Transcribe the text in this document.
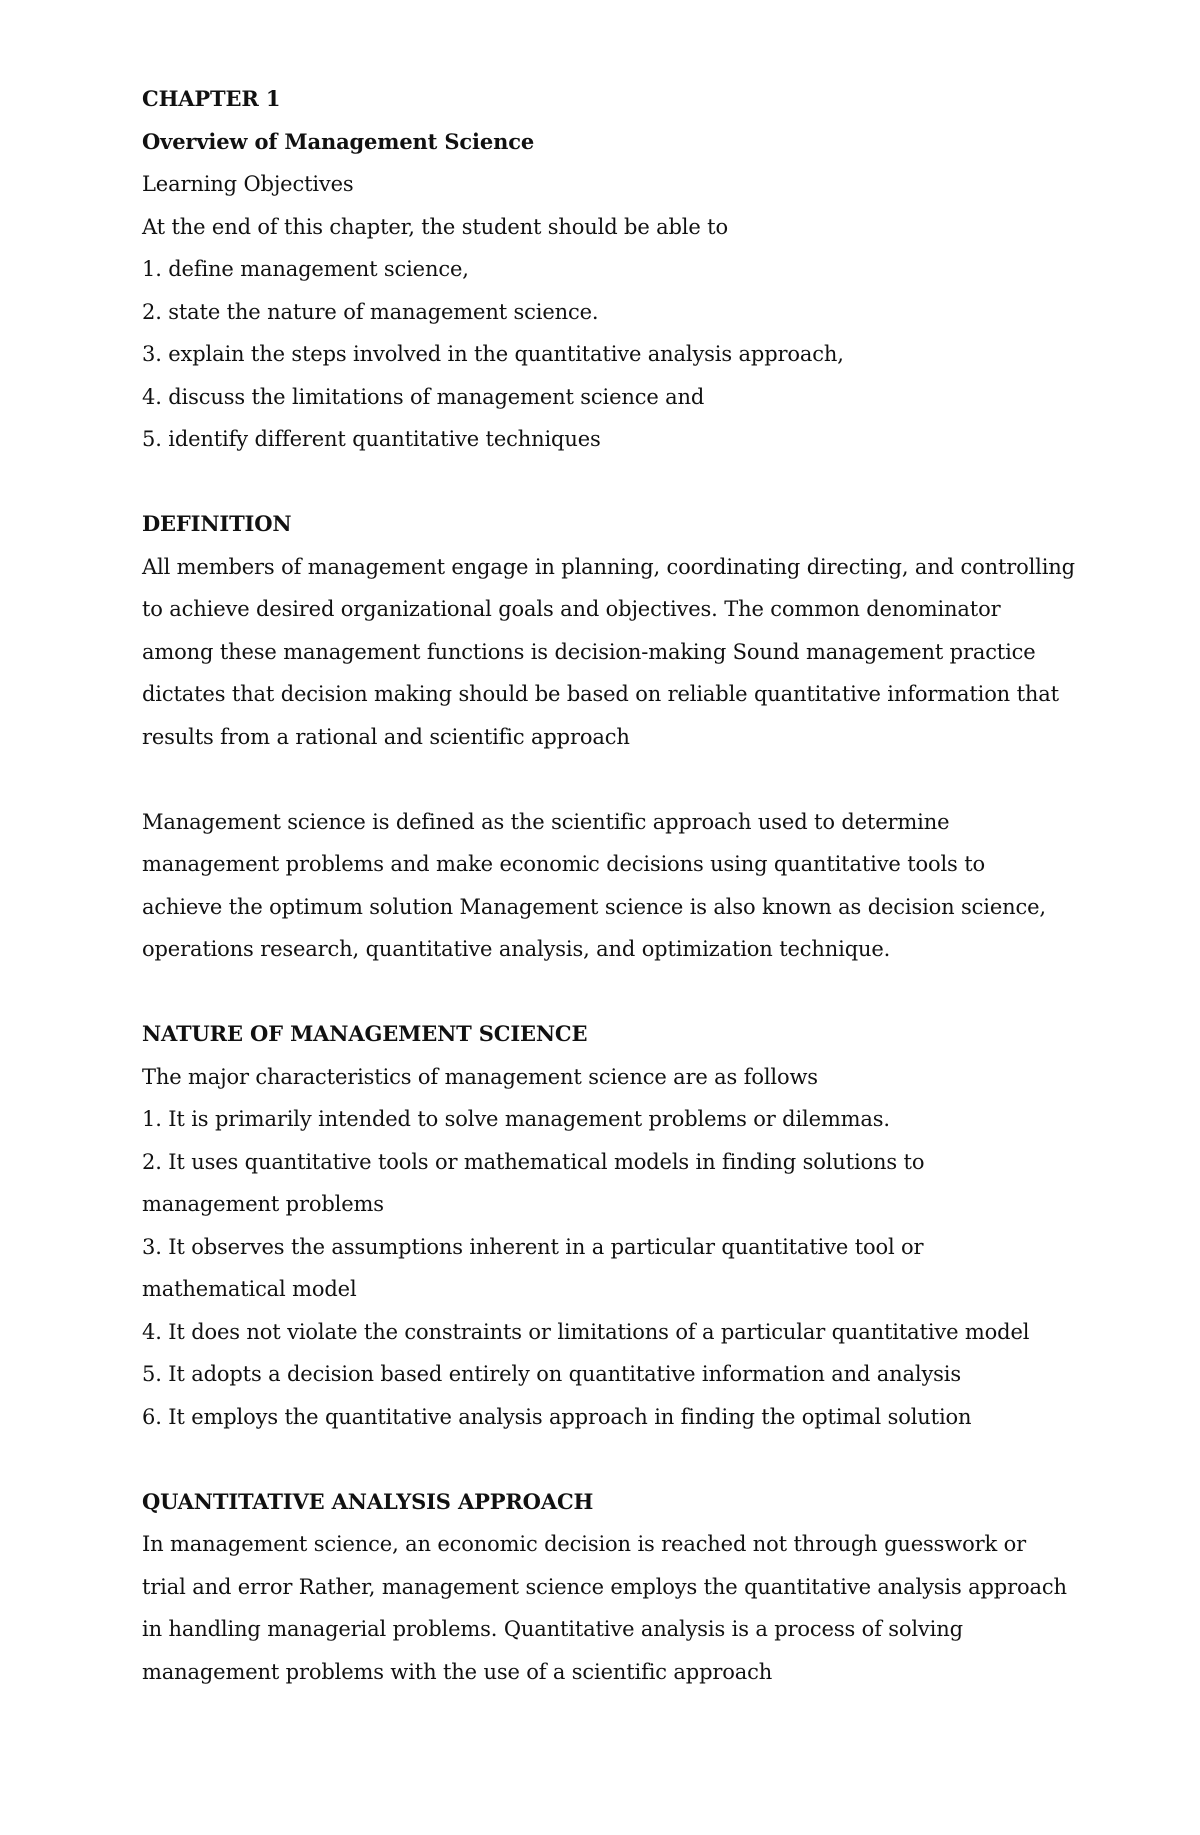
CHAPTER 1
Overview of Management Science
Learning Objectives
At the end of this chapter, the student should be able to
1. define management science,
2. state the nature of management science.
3. explain the steps involved in the quantitative analysis approach,
4. discuss the limitations of management science and
5. identify different quantitative techniques
DEFINITION
All members of management engage in planning, coordinating directing, and controlling
to achieve desired organizational goals and objectives. The common denominator
among these management functions is decision-making Sound management practice
dictates that decision making should be based on reliable quantitative information that
results from a rational and scientific approach
Management science is defined as the scientific approach used to determine
management problems and make economic decisions using quantitative tools to
achieve the optimum solution Management science is also known as decision science,
operations research, quantitative analysis, and optimization technique.
NATURE OF MANAGEMENT SCIENCE
The major characteristics of management science are as follows
1. It is primarily intended to solve management problems or dilemmas.
2. It uses quantitative tools or mathematical models in finding solutions to
management problems
3. It observes the assumptions inherent in a particular quantitative tool or
mathematical model
4. It does not violate the constraints or limitations of a particular quantitative model
5. It adopts a decision based entirely on quantitative information and analysis
6. It employs the quantitative analysis approach in finding the optimal solution
QUANTITATIVE ANALYSIS APPROACH
In management science, an economic decision is reached not through guesswork or
trial and error Rather, management science employs the quantitative analysis approach
in handling managerial problems. Quantitative analysis is a process of solving
management problems with the use of a scientific approach
